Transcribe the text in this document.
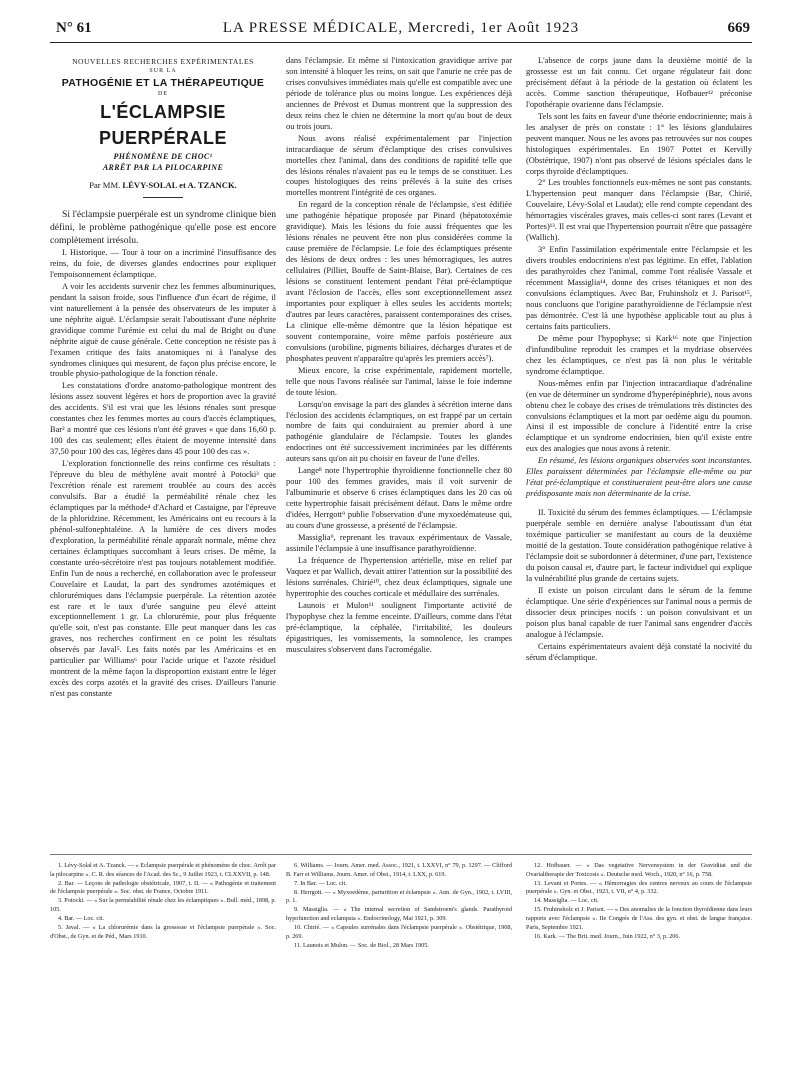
N° 61	LA PRESSE MÉDICALE, Mercredi, 1er Août 1923	669
NOUVELLES RECHERCHES EXPÉRIMENTALES
SUR LA
PATHOGÉNIE ET LA THÉRAPEUTIQUE
DE
L'ÉCLAMPSIE PUERPÉRALE
PHÉNOMÈNE DE CHOC¹
ARRÊT PAR LA PILOCARPINE
Par MM. LÉVY-SOLAL et A. TZANCK.

Si l'éclampsie puerpérale est un syndrome clinique bien défini, le problème pathogénique qu'elle pose est encore complètement irrésolu.

I. Historique. — Tour à tour on a incriminé l'insuffisance des reins, du foie, de diverses glandes endocrines pour expliquer l'empoisonnement éclamptique.

A voir les accidents survenir chez les femmes albuminuriques, pendant la saison froide, sous l'influence d'un écart de régime, il vint naturellement à la pensée des observateurs de les imputer à une néphrite aiguë. L'éclampsie serait l'aboutissant d'une néphrite gravidique comme l'urémie est celui du mal de Bright ou d'une néphrite aiguë de cause générale. Cette conception ne résiste pas à l'examen critique des faits anatomiques ni à l'analyse des syndromes cliniques qui mesurent, de façon plus précise encore, le trouble physio-pathologique de la fonction rénale.

Les constatations d'ordre anatomo-pathologique montrent des lésions assez souvent légères et hors de proportion avec la gravité des accidents. S'il est vrai que les lésions rénales sont presque constantes chez les femmes mortes au cours d'accès éclamptiques, Bar² a montré que ces lésions n'ont été graves « que dans 16,60 p. 100 des cas seulement; elles étaient de moyenne intensité dans 37,50 pour 100 des cas, légères dans 45 pour 100 des cas ».

L'exploration fonctionnelle des reins confirme ces résultats : l'épreuve du bleu de méthylène avait montré à Potocki³ que l'excrétion rénale est rarement troublée au cours des accès convulsifs. Bar a étudié la perméabilité rénale chez les éclamptiques par la méthode⁴ d'Achard et Castaigne, par l'épreuve de la phloridzine. Récemment, les Américains ont eu recours à la phénol-sulfonephtaléine. A la lumière de ces divers modes d'exploration, la perméabilité rénale apparaît normale, même chez certaines éclamptiques succombant à leurs crises. De même, la constante uréo-sécrétoire n'est pas toujours notablement modifiée. Enfin l'un de nous a recherché, en collaboration avec le professeur Couvelaire et Laudat, la part des syndromes azotémiques et chlorurémiques dans l'éclampsie puerpérale. La rétention azotée est rare et le taux d'urée sanguine peu élevé atteint exceptionnellement 1 gr. La chlorurémie, pour plus fréquente qu'elle soit, n'est pas constante. Elle peut manquer dans les cas graves, nos recherches confirment en ce point les résultats observés par Javal⁵. Les faits notés par les Américains et en particulier par Williams⁶ pour l'acide urique et l'azote résiduel montrent de la même façon la disproportion existant entre le léger excès des corps azotés et la gravité des crises. D'ailleurs l'anurie n'est pas constante

dans l'éclampsie. Et même si l'intoxication gravidique arrive par son intensité à bloquer les reins, on sait que l'anurie ne crée pas de crises convulsives immédiates mais qu'elle est compatible avec une période de tolérance plus ou moins longue. Les expériences déjà anciennes de Prévost et Dumas montrent que la suppression des deux reins chez le chien ne détermine la mort qu'au bout de deux ou trois jours.

Nous avons réalisé expérimentalement par l'injection intracardiaque de sérum d'éclamptique des crises convulsives mortelles chez l'animal, dans des conditions de rapidité telle que des lésions rénales n'avaient pas eu le temps de se constituer. Les coupes histologiques des reins prélevés à la suite des crises mortelles montrent l'intégrité de ces organes.

En regard de la conception rénale de l'éclampsie, s'est édifiée une pathogénie hépatique proposée par Pinard (hépatotoxémie gravidique). Mais les lésions du foie aussi fréquentes que les lésions rénales ne peuvent être non plus considérées comme la cause première de l'éclampsie. Le foie des éclamptiques présente des lésions de deux ordres : les unes hémorragiques, les autres cellulaires (Pilliet, Bouffe de Saint-Blaise, Bar). Certaines de ces lésions se constituent lentement pendant l'état pré-éclamptique avant l'éclosion de l'accès, elles sont exceptionnellement assez importantes pour expliquer à elles seules les accidents mortels; d'autres par leurs caractères, paraissent contemporaines des crises. La clinique elle-même démontre que la lésion hépatique est souvent contemporaine, voire même parfois postérieure aux convulsions (urobiline, pigments biliaires, décharges d'urates et de phosphates peuvent n'apparaître qu'après les premiers accès⁷).

Mieux encore, la crise expérimentale, rapidement mortelle, telle que nous l'avons réalisée sur l'animal, laisse le foie indemne de toute lésion.

Lorsqu'on envisage la part des glandes à sécrétion interne dans l'éclosion des accidents éclamptiques, on est frappé par un certain nombre de faits qui conduiraient au premier abord à une pathogénie glandulaire de l'éclampsie. Toutes les glandes endocrines ont été successivement incriminées par les différents auteurs sans qu'on ait pu choisir en faveur de l'une d'elles.

Lange⁸ note l'hypertrophie thyroïdienne fonctionnelle chez 80 pour 100 des femmes gravides, mais il voit survenir de l'albuminurie et observe 6 crises éclamptiques dans les 20 cas où cette hypertrophie faisait précisément défaut. Dans le même ordre d'idées, Herrgott⁹ publie l'observation d'une myxoedémateuse qui, au cours d'une grossesse, a présenté de l'éclampsie.

Massiglia⁹, reprenant les travaux expérimentaux de Vassale, assimile l'éclampsie à une insuffisance parathyroïdienne.

La fréquence de l'hypertension artérielle, mise en relief par Vaquez et par Wallich, devait attirer l'attention sur la possibilité des lésions surrénales. Chirié¹⁰, chez deux éclamptiques, signale une hypertrophie des couches corticale et médullaire des surrénales.

Launois et Mulon¹¹ soulignent l'importante activité de l'hypophyse chez la femme enceinte. D'ailleurs, comme dans l'état pré-éclamptique, la céphalée, l'irritabilité, les douleurs épigastriques, les vomissements, la somnolence, les crampes musculaires s'observent dans l'acromégalie.

L'absence de corps jaune dans la deuxième moitié de la grossesse est un fait connu. Cet organe régulateur fait donc précisément défaut à la période de la gestation où éclatent les accès. Comme sanction thérapeutique, Hofbauer¹² préconise l'opothérapie ovarienne dans l'éclampsie.

Tels sont les faits en faveur d'une théorie endocrinienne; mais à les analyser de près on constate : 1° les lésions glandulaires peuvent manquer. Nous ne les avons pas retrouvées sur nos coupes histologiques expérimentales. En 1907 Pottet et Kervilly (Obstétrique, 1907) n'ont pas observé de lésions spéciales dans le corps thyroïde d'éclamptiques.

2° Les troubles fonctionnels eux-mêmes ne sont pas constants. L'hypertension peut manquer dans l'éclampsie (Bar, Chirié, Couvelaire, Lévy-Solal et Laudat); elle rend compte cependant des hémorragies viscérales graves, mais celles-ci sont rares (Levant et Portes)¹³. Il est vrai que l'hypertension pourrait n'être que passagère (Wallich).

3° Enfin l'assimilation expérimentale entre l'éclampsie et les divers troubles endocriniens n'est pas légitime. En effet, l'ablation des parathyroïdes chez l'animal, comme l'ont réalisée Vassale et récemment Massiglia¹⁴, donne des crises tétaniques et non des convulsions éclamptiques. Avec Bar, Fruhinsholz et J. Parisot¹⁵, nous concluons que l'origine parathyroïdienne de l'éclampsie n'est pas démontrée. C'est là une hypothèse applicable tout au plus à certains faits particuliers.

De même pour l'hypophyse; si Kark¹⁶ note que l'injection d'infundibuline reproduit les crampes et la mydriase observées chez les éclamptiques, ce n'est pas là non plus le véritable syndrome éclamptique.

Nous-mêmes enfin par l'injection intracardiaque d'adrénaline (en vue de déterminer un syndrome d'hyperépinéphrie), nous avons obtenu chez le cobaye des crises de trémulations très distinctes des convulsions éclamptiques et la mort par oedème aigu du poumon. Ainsi il est impossible de conclure à l'identité entre la crise éclamptique et un syndrome endocrinien, bien qu'il existe entre eux des analogies que nous avons à retenir.

En résumé, les lésions organiques observées sont inconstantes. Elles paraissent déterminées par l'éclampsie elle-même ou par l'état pré-éclamptique et constitueraient peut-être alors une cause prédisposante mais non déterminante de la crise.

II. Toxicité du sérum des femmes éclamptiques. — L'éclampsie puerpérale semble en dernière analyse l'aboutissant d'un état toxémique particulier se manifestant au cours de la deuxième moitié de la gestation. Toute considération pathogénique relative à l'éclampsie doit se subordonner à déterminer, d'une part, l'existence du poison causal et, d'autre part, le facteur individuel qui explique la vulnérabilité plus grande de certains sujets.

Il existe un poison circulant dans le sérum de la femme éclamptique. Une série d'expériences sur l'animal nous a permis de dissocier deux principes nocifs : un poison convulsivant et un poison plus banal capable de tuer l'animal sans engendrer d'accès analogue à l'éclampsie.

Certains expérimentateurs avaient déjà constaté la nocivité du sérum d'éclamptique.

1. Lévy-Solal et A. Tzanck. — « Eclampsie puerpérale et phénomène de choc. Arrêt par la pilocarpine ». C. R. des séances de l'Acad. des Sc., 9 Juillet 1923, t. CLXXVII, p. 148.
2. Bar. — Leçons de pathologie obstétricale, 1907, t. II. — « Pathogénie et traitement de l'éclampsie puerpérale ». Soc. obst. de France, Octobre 1911.
3. Potocki. — « Sur la perméabilité rénale chez les éclamptiques ». Bull. méd., 1898, p. 105.
4. Bar. — Loc. cit.
5. Javal. — « La chlorurémie dans la grossesse et l'éclampsie puerpérale ». Soc. d'Obst., de Gyn. et de Péd., Mars 1910.
6. Williams. — Journ. Amer. med. Assoc., 1921, t. LXXVI, n° 79, p. 1297. — Clifford B. Farr et Williams. Journ. Amer. of Obst., 1914, t. LXX, p. 619.
7. In Bar. — Loc. cit.
8. Herrgott. — « Myxoedème, parturition et éclampsie ». Ann. de Gyn., 1902, t. LVIII, p. 1.
9. Massiglia. — « The internal secretion of Sandstroem's glands. Parathyroid hypofunction and eclampsia ». Endocrinology, Mai 1921, p. 309.
10. Chirié. — « Capsules surrénales dans l'éclampsie puerpérale ». Obstétrique, 1908, p. 269.
11. Launois et Mulon. — Soc. de Biol., 28 Mars 1905.
12. Hofbauer. — « Das vegetative Nervensystem in der Graviditat und die Ovarialtherapie der Toxicosis ». Deutsche med. Woch., 1920, n° 16, p. 758.
13. Levant et Portes. — « Hémorragies des centres nerveux au cours de l'éclampsie puerpérale ». Gyn. et Obst., 1923, t. VII, n° 4, p. 332.
14. Massiglia. — Loc. cit.
15. Fruhinsholz et J. Parisot. — « Des anomalies de la fonction thyroïdienne dans leurs rapports avec l'éclampsie ». IIe Congrès de l'Ass. des gyn. et obst. de langue française. Paris, Septembre 1921.
16. Kark. — The Brit. med. Journ., Juin 1922, n° 3, p. 206.
